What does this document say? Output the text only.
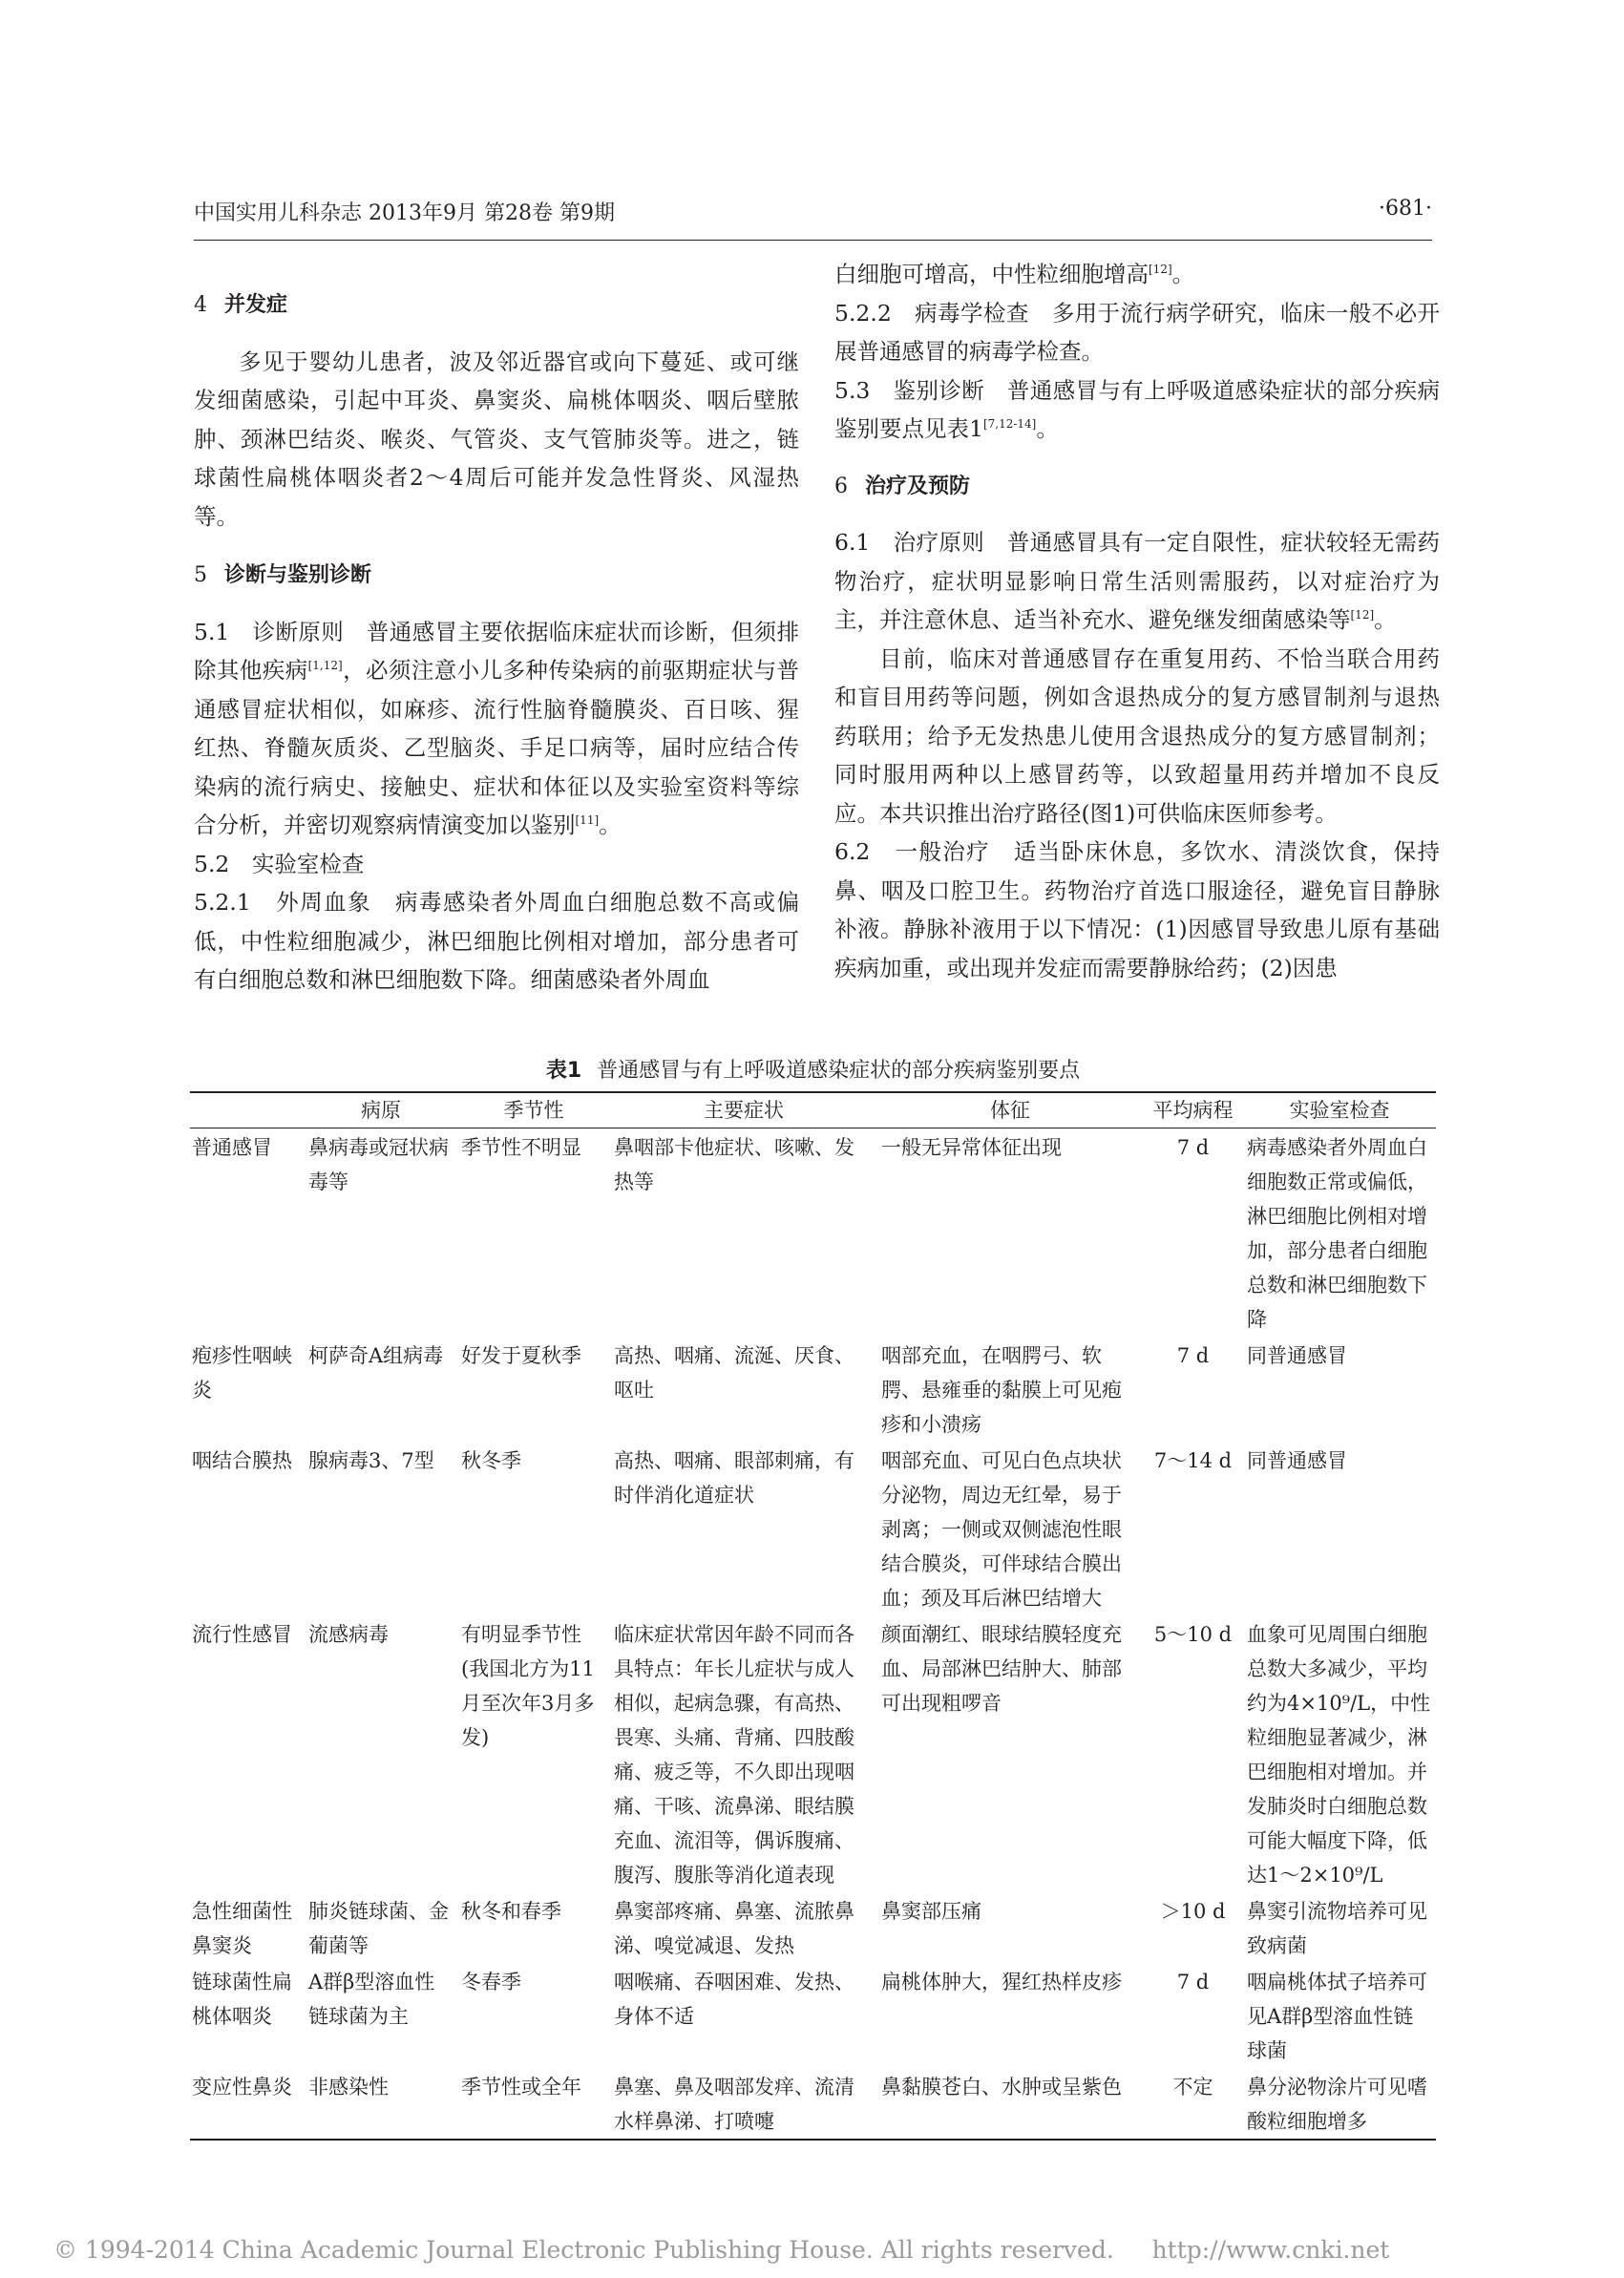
中国实用儿科杂志 2013年9月 第28卷 第9期	·681·
4 并发症

多见于婴幼儿患者，波及邻近器官或向下蔓延、或可继发细菌感染，引起中耳炎、鼻窦炎、扁桃体咽炎、咽后壁脓肿、颈淋巴结炎、喉炎、气管炎、支气管肺炎等。进之，链球菌性扁桃体咽炎者2～4周后可能并发急性肾炎、风湿热等。

5 诊断与鉴别诊断

5.1　诊断原则　普通感冒主要依据临床症状而诊断，但须排除其他疾病[1,12]，必须注意小儿多种传染病的前驱期症状与普通感冒症状相似，如麻疹、流行性脑脊髓膜炎、百日咳、猩红热、脊髓灰质炎、乙型脑炎、手足口病等，届时应结合传染病的流行病史、接触史、症状和体征以及实验室资料等综合分析，并密切观察病情演变加以鉴别[11]。

5.2　实验室检查

5.2.1　外周血象　病毒感染者外周血白细胞总数不高或偏低，中性粒细胞减少，淋巴细胞比例相对增加，部分患者可有白细胞总数和淋巴细胞数下降。细菌感染者外周血

白细胞可增高，中性粒细胞增高[12]。

5.2.2　病毒学检查　多用于流行病学研究，临床一般不必开展普通感冒的病毒学检查。

5.3　鉴别诊断　普通感冒与有上呼吸道感染症状的部分疾病鉴别要点见表1[7,12-14]。

6 治疗及预防

6.1　治疗原则　普通感冒具有一定自限性，症状较轻无需药物治疗，症状明显影响日常生活则需服药，以对症治疗为主，并注意休息、适当补充水、避免继发细菌感染等[12]。

目前，临床对普通感冒存在重复用药、不恰当联合用药和盲目用药等问题，例如含退热成分的复方感冒制剂与退热药联用；给予无发热患儿使用含退热成分的复方感冒制剂；同时服用两种以上感冒药等，以致超量用药并增加不良反应。本共识推出治疗路径(图1)可供临床医师参考。

6.2　一般治疗　适当卧床休息，多饮水、清淡饮食，保持鼻、咽及口腔卫生。药物治疗首选口服途径，避免盲目静脉补液。静脉补液用于以下情况：(1)因感冒导致患儿原有基础疾病加重，或出现并发症而需要静脉给药；(2)因患

表1 普通感冒与有上呼吸道感染症状的部分疾病鉴别要点
	病原	季节性	主要症状	体征	平均病程	实验室检查
普通感冒	鼻病毒或冠状病毒等	季节性不明显	鼻咽部卡他症状、咳嗽、发热等	一般无异常体征出现	7 d	病毒感染者外周血白细胞数正常或偏低，淋巴细胞比例相对增加，部分患者白细胞总数和淋巴细胞数下降
疱疹性咽峡炎	柯萨奇A组病毒	好发于夏秋季	高热、咽痛、流涎、厌食、呕吐	咽部充血，在咽腭弓、软腭、悬雍垂的黏膜上可见疱疹和小溃疡	7 d	同普通感冒
咽结合膜热	腺病毒3、7型	秋冬季	高热、咽痛、眼部刺痛，有时伴消化道症状	咽部充血、可见白色点块状分泌物，周边无红晕，易于剥离；一侧或双侧滤泡性眼结合膜炎，可伴球结合膜出血；颈及耳后淋巴结增大	7～14 d	同普通感冒
流行性感冒	流感病毒	有明显季节性(我国北方为11月至次年3月多发)	临床症状常因年龄不同而各具特点：年长儿症状与成人相似，起病急骤，有高热、畏寒、头痛、背痛、四肢酸痛、疲乏等，不久即出现咽痛、干咳、流鼻涕、眼结膜充血、流泪等，偶诉腹痛、腹泻、腹胀等消化道表现	颜面潮红、眼球结膜轻度充血、局部淋巴结肿大、肺部可出现粗啰音	5～10 d	血象可见周围白细胞总数大多减少，平均约为4×10⁹/L，中性粒细胞显著减少，淋巴细胞相对增加。并发肺炎时白细胞总数可能大幅度下降，低达1～2×10⁹/L
急性细菌性鼻窦炎	肺炎链球菌、金葡菌等	秋冬和春季	鼻窦部疼痛、鼻塞、流脓鼻涕、嗅觉减退、发热	鼻窦部压痛	＞10 d	鼻窦引流物培养可见致病菌
链球菌性扁桃体咽炎	A群β型溶血性链球菌为主	冬春季	咽喉痛、吞咽困难、发热、身体不适	扁桃体肿大，猩红热样皮疹	7 d	咽扁桃体拭子培养可见A群β型溶血性链球菌
变应性鼻炎	非感染性	季节性或全年	鼻塞、鼻及咽部发痒、流清水样鼻涕、打喷嚏	鼻黏膜苍白、水肿或呈紫色	不定	鼻分泌物涂片可见嗜酸粒细胞增多
© 1994-2014 China Academic Journal Electronic Publishing House. All rights reserved. http://www.cnki.net
